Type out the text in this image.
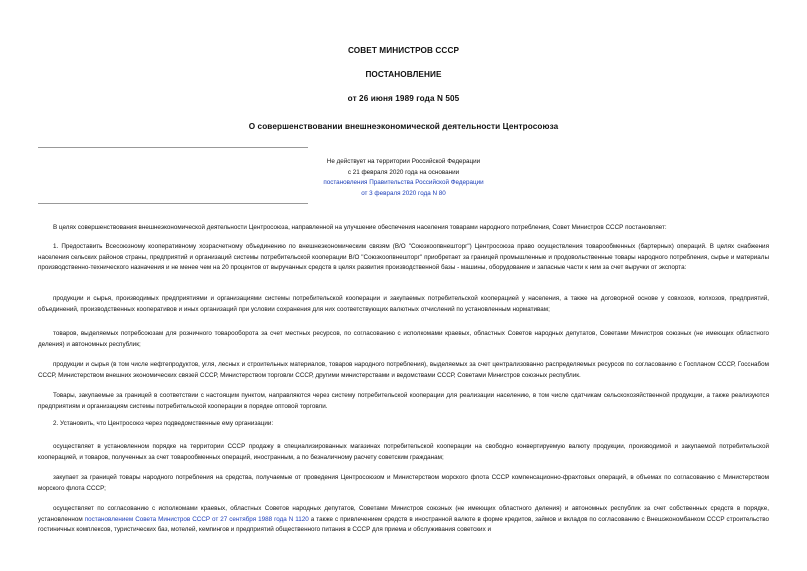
СОВЕТ МИНИСТРОВ СССР
ПОСТАНОВЛЕНИЕ
от 26 июня 1989 года N 505
О совершенствовании внешнеэкономической деятельности Центросоюза
Не действует на территории Российской Федерации
с 21 февраля 2020 года на основании
постановления Правительства Российской Федерации
от 3 февраля 2020 года N 80

В целях совершенствования внешнеэкономической деятельности Центросоюза, направленной на улучшение обеспечения населения товарами народного потребления, Совет Министров СССР постановляет:

1. Предоставить Всесоюзному кооперативному хозрасчетному объединению по внешнеэкономическим связям (В/О "Союзкоопвнешторг") Центросоюза право осуществления товарообменных (бартерных) операций. В целях снабжения населения сельских районов страны, предприятий и организаций системы потребительской кооперации В/О "Союзкоопвнешторг" приобретает за границей промышленные и продовольственные товары народного потребления, сырье и материалы производственно-технического назначения и не менее чем на 20 процентов от выручанных средств в целях развития производственной базы - машины, оборудование и запасные части к ним за счет выручки от экспорта:

продукции и сырья, производимых предприятиями и организациями системы потребительской кооперации и закупаемых потребительской кооперацией у населения, а также на договорной основе у совхозов, колхозов, предприятий, объединений, производственных кооперативов и иных организаций при условии сохранения для них соответствующих валютных отчислений по установленным нормативам;

товаров, выделяемых потребсоюзам для розничного товарооборота за счет местных ресурсов, по согласованию с исполкомами краевых, областных Советов народных депутатов, Советами Министров союзных (не имеющих областного деления) и автономных республик;

продукции и сырья (в том числе нефтепродуктов, угля, лесных и строительных материалов, товаров народного потребления), выделяемых за счет централизованно распределяемых ресурсов по согласованию с Госпланом СССР, Госснабом СССР, Министерством внешних экономических связей СССР, Министерством торговли СССР, другими министерствами и ведомствами СССР, Советами Министров союзных республик.

Товары, закупаемые за границей в соответствии с настоящим пунктом, направляются через систему потребительской кооперации для реализации населению, в том числе сдатчикам сельскохозяйственной продукции, а также реализуются предприятиям и организациям системы потребительской кооперации в порядке оптовой торговли.

2. Установить, что Центросоюз через подведомственные ему организации:

осуществляет в установленном порядке на территории СССР продажу в специализированных магазинах потребительской кооперации на свободно конвертируемую валюту продукции, производимой и закупаемой потребительской кооперацией, и товаров, полученных за счет товарообменных операций, иностранным, а по безналичному расчету советским гражданам;

закупает за границей товары народного потребления на средства, получаемые от проведения Центросоюзом и Министерством морского флота СССР компенсационно-фрахтовых операций, в объемах по согласованию с Министерством морского флота СССР;

осуществляет по согласованию с исполкомами краевых, областных Советов народных депутатов, Советами Министров союзных (не имеющих областного деления) и автономных республик за счет собственных средств в порядке, установленном постановлением Совета Министров СССР от 27 сентября 1988 года N 1120 а также с привлечением средств в иностранной валюте в форме кредитов, займов и вкладов по согласованию с Внешэкономбанком СССР строительство гостиничных комплексов, туристических баз, мотелей, кемпингов и предприятий общественного питания в СССР для приема и обслуживания советских и
